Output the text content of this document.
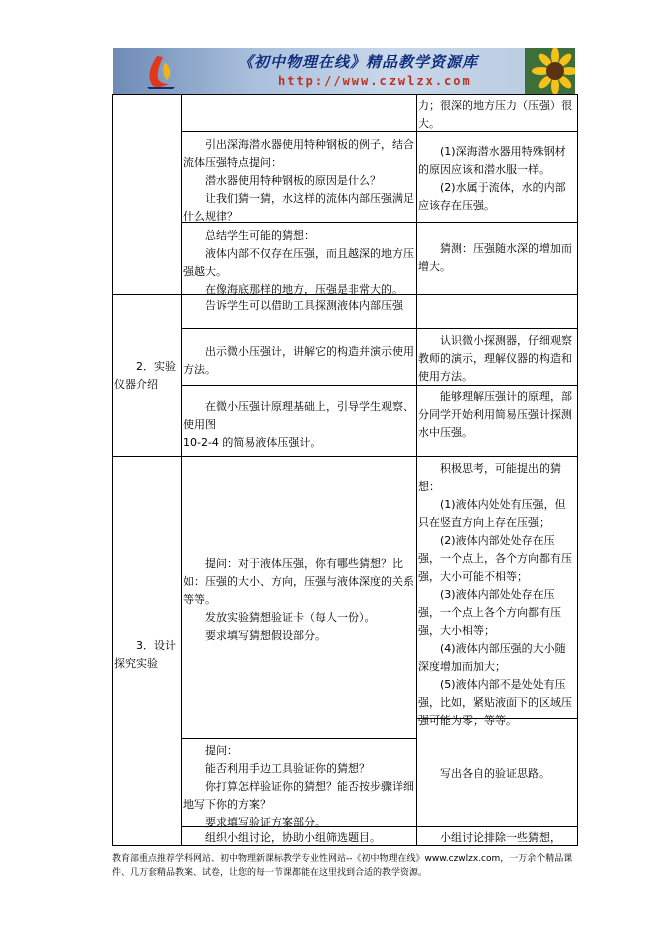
《初中物理在线》精品教学资源库
http://www.czwlzx.com
力；很深的地方压力（压强）很大。

引出深海潜水器使用特种钢板的例子，结合流体压强特点提问：

潜水器使用特种钢板的原因是什么？

让我们猜一猜，水这样的流体内部压强满足什么规律？

(1)深海潜水器用特殊钢材的原因应该和潜水服一样。

(2)水属于流体，水的内部应该存在压强。

总结学生可能的猜想：

液体内部不仅存在压强，而且越深的地方压强越大。

在像海底那样的地方，压强是非常大的。

猜测：压强随水深的增加而增大。

2．实验仪器介绍

告诉学生可以借助工具探测液体内部压强

出示微小压强计，讲解它的构造并演示使用方法。

认识微小探测器，仔细观察教师的演示，理解仪器的构造和使用方法。

在微小压强计原理基础上，引导学生观察、使用图

10-2-4 的简易液体压强计。

能够理解压强计的原理，部分同学开始利用简易压强计探测水中压强。

3．设计探究实验

提问：对于液体压强，你有哪些猜想？比如：压强的大小、方向，压强与液体深度的关系等等。

发放实验猜想验证卡（每人一份）。

要求填写猜想假设部分。

积极思考，可能提出的猜想：

(1)液体内处处有压强，但只在竖直方向上存在压强；

(2)液体内部处处存在压强，一个点上，各个方向都有压强，大小可能不相等；

(3)液体内部处处存在压强，一个点上各个方向都有压强，大小相等；

(4)液体内部压强的大小随深度增加而加大；

(5)液体内部不是处处有压强，比如，紧贴液面下的区域压强可能为零；等等。

提问：

能否利用手边工具验证你的猜想？

你打算怎样验证你的猜想？能否按步骤详细地写下你的方案？

要求填写验证方案部分。

写出各自的验证思路。

组织小组讨论，协助小组筛选题目。	小组讨论排除一些猜想，

教育部重点推荐学科网站、初中物理新课标教学专业性网站--《初中物理在线》www.czwlzx.com，一万余个精品课件、几万套精品教案、试卷，让您的每一节课都能在这里找到合适的教学资源。
